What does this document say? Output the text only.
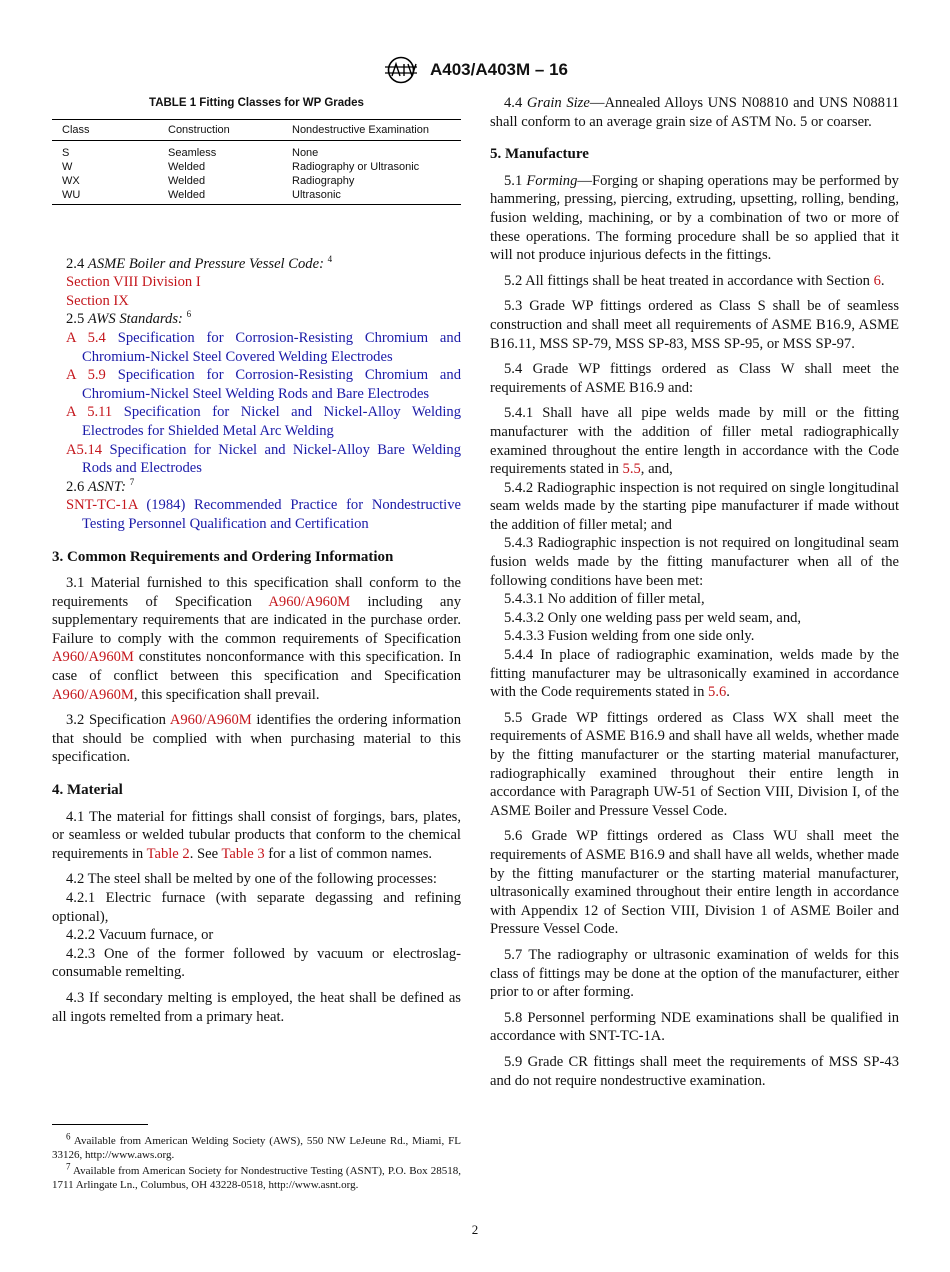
A403/A403M – 16
TABLE 1 Fitting Classes for WP Grades
Class	Construction	Nondestructive Examination
S	Seamless	None
W	Welded	Radiography or Ultrasonic
WX	Welded	Radiography
WU	Welded	Ultrasonic

2.4 ASME Boiler and Pressure Vessel Code: $^4$

Section VIII Division I

Section IX

2.5 AWS Standards: $^6$

A 5.4 Specification for Corrosion-Resisting Chromium and Chromium-Nickel Steel Covered Welding Electrodes

A 5.9 Specification for Corrosion-Resisting Chromium and Chromium-Nickel Steel Welding Rods and Bare Electrodes

A 5.11 Specification for Nickel and Nickel-Alloy Welding Electrodes for Shielded Metal Arc Welding

A5.14 Specification for Nickel and Nickel-Alloy Bare Welding Rods and Electrodes

2.6 ASNT: $^7$

SNT-TC-1A (1984) Recommended Practice for Nondestructive Testing Personnel Qualification and Certification

3. Common Requirements and Ordering Information

3.1 Material furnished to this specification shall conform to the requirements of Specification A960/A960M including any supplementary requirements that are indicated in the purchase order. Failure to comply with the common requirements of Specification A960/A960M constitutes nonconformance with this specification. In case of conflict between this specification and Specification A960/A960M, this specification shall prevail.

3.2 Specification A960/A960M identifies the ordering information that should be complied with when purchasing material to this specification.

4. Material

4.1 The material for fittings shall consist of forgings, bars, plates, or seamless or welded tubular products that conform to the chemical requirements in Table 2. See Table 3 for a list of common names.

4.2 The steel shall be melted by one of the following processes:

4.2.1 Electric furnace (with separate degassing and refining optional),

4.2.2 Vacuum furnace, or

4.2.3 One of the former followed by vacuum or electroslag-consumable remelting.

4.3 If secondary melting is employed, the heat shall be defined as all ingots remelted from a primary heat.

4.4 Grain Size—Annealed Alloys UNS N08810 and UNS N08811 shall conform to an average grain size of ASTM No. 5 or coarser.

5. Manufacture

5.1 Forming—Forging or shaping operations may be performed by hammering, pressing, piercing, extruding, upsetting, rolling, bending, fusion welding, machining, or by a combination of two or more of these operations. The forming procedure shall be so applied that it will not produce injurious defects in the fittings.

5.2 All fittings shall be heat treated in accordance with Section 6.

5.3 Grade WP fittings ordered as Class S shall be of seamless construction and shall meet all requirements of ASME B16.9, ASME B16.11, MSS SP-79, MSS SP-83, MSS SP-95, or MSS SP-97.

5.4 Grade WP fittings ordered as Class W shall meet the requirements of ASME B16.9 and:

5.4.1 Shall have all pipe welds made by mill or the fitting manufacturer with the addition of filler metal radiographically examined throughout the entire length in accordance with the Code requirements stated in 5.5, and,

5.4.2 Radiographic inspection is not required on single longitudinal seam welds made by the starting pipe manufacturer if made without the addition of filler metal; and

5.4.3 Radiographic inspection is not required on longitudinal seam fusion welds made by the fitting manufacturer when all of the following conditions have been met:

5.4.3.1 No addition of filler metal,

5.4.3.2 Only one welding pass per weld seam, and,

5.4.3.3 Fusion welding from one side only.

5.4.4 In place of radiographic examination, welds made by the fitting manufacturer may be ultrasonically examined in accordance with the Code requirements stated in 5.6.

5.5 Grade WP fittings ordered as Class WX shall meet the requirements of ASME B16.9 and shall have all welds, whether made by the fitting manufacturer or the starting material manufacturer, radiographically examined throughout their entire length in accordance with Paragraph UW-51 of Section VIII, Division I, of the ASME Boiler and Pressure Vessel Code.

5.6 Grade WP fittings ordered as Class WU shall meet the requirements of ASME B16.9 and shall have all welds, whether made by the fitting manufacturer or the starting material manufacturer, ultrasonically examined throughout their entire length in accordance with Appendix 12 of Section VIII, Division 1 of ASME Boiler and Pressure Vessel Code.

5.7 The radiography or ultrasonic examination of welds for this class of fittings may be done at the option of the manufacturer, either prior to or after forming.

5.8 Personnel performing NDE examinations shall be qualified in accordance with SNT-TC-1A.

5.9 Grade CR fittings shall meet the requirements of MSS SP-43 and do not require nondestructive examination.

$^6$ Available from American Welding Society (AWS), 550 NW LeJeune Rd., Miami, FL 33126, http://www.aws.org.

$^7$ Available from American Society for Nondestructive Testing (ASNT), P.O. Box 28518, 1711 Arlingate Ln., Columbus, OH 43228-0518, http://www.asnt.org.

2
